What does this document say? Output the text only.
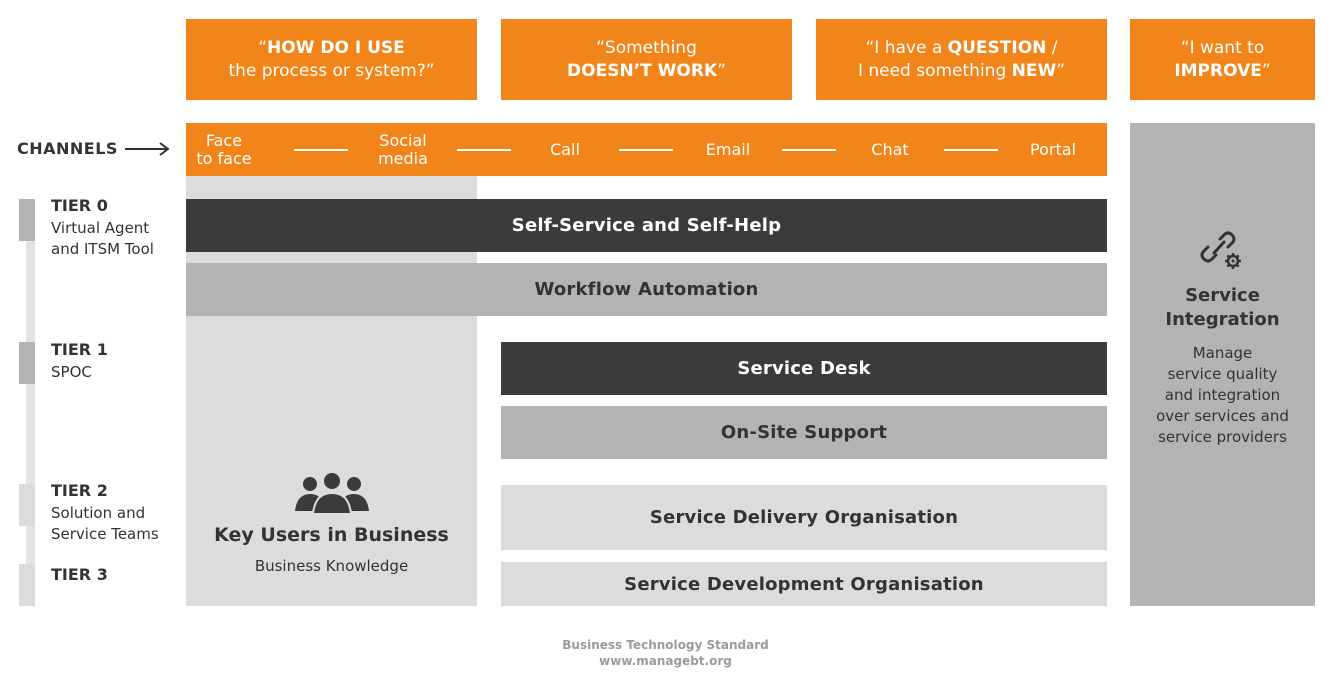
“HOW DO I USE
the process or system?”
“Something
DOESN’T WORK”
“I have a QUESTION /
I need something NEW”
“I want to
IMPROVE”
CHANNELS	Face
to face
Social
media	Call	Email	Chat	Portal
Self-Service and Self-Help
Workflow Automation
Service Desk
On-Site Support
Service Delivery Organisation
Service Development Organisation
Key Users in Business
Business Knowledge
Service
Integration
Manage
service quality
and integration
over services and
service providers
TIER 0
Virtual Agent
and ITSM Tool
TIER 1
SPOC
TIER 2
Solution and
Service Teams
TIER 3
Business Technology Standard
www.managebt.org
